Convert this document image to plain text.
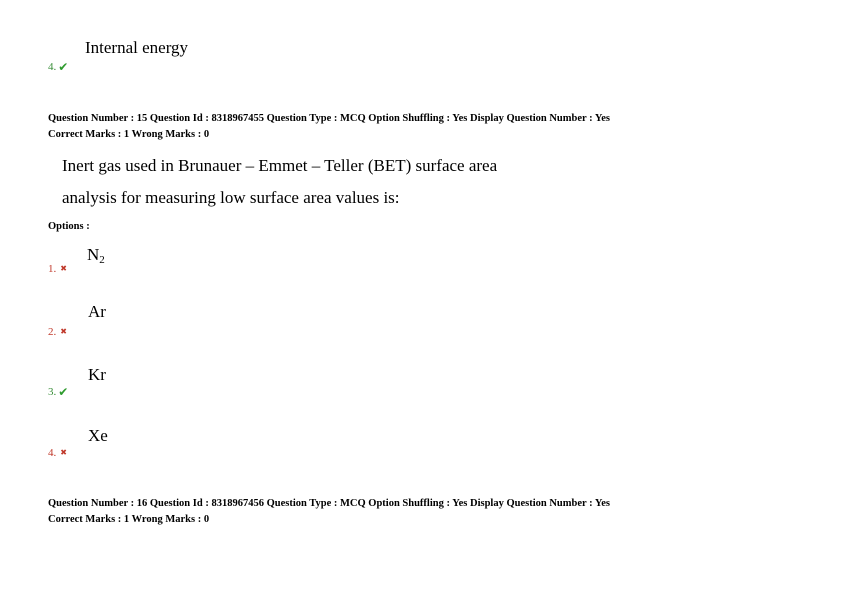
Internal energy
4. ✔
Question Number : 15 Question Id : 8318967455 Question Type : MCQ Option Shuffling : Yes Display Question Number : Yes
Correct Marks : 1 Wrong Marks : 0
Inert gas used in Brunauer – Emmet – Teller (BET) surface area
analysis for measuring low surface area values is:
Options :
$N_2$
1. ✖
Ar
2. ✖
Kr
3. ✔
Xe
4. ✖
Question Number : 16 Question Id : 8318967456 Question Type : MCQ Option Shuffling : Yes Display Question Number : Yes
Correct Marks : 1 Wrong Marks : 0
